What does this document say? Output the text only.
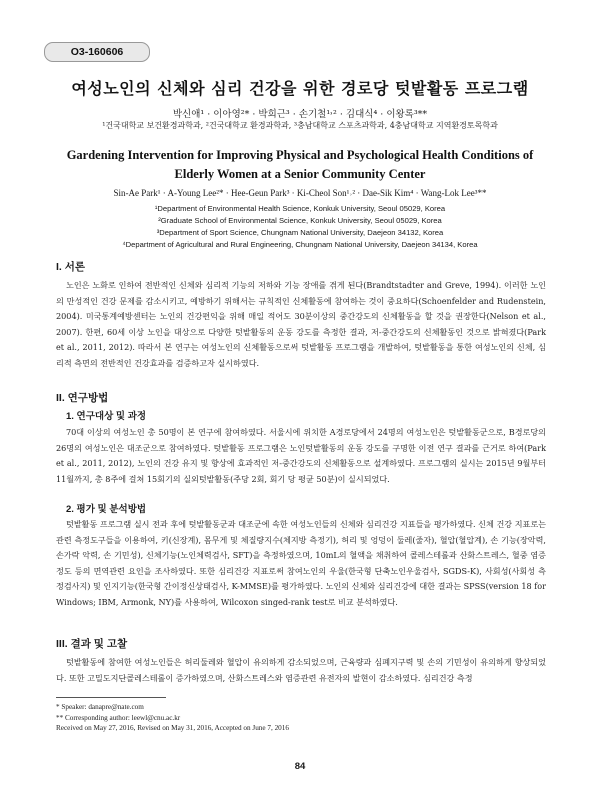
O3-160606
여성노인의 신체와 심리 건강을 위한 경로당 텃밭활동 프로그램
박신애¹ · 이아영²* · 박희근³ · 손기철¹˒² · 김대식⁴ · 이왕록³**
¹건국대학교 보건환경과학과, ²건국대학교 환경과학과, ³충남대학교 스포츠과학과, 4충남대학교 지역환경토목학과
Gardening Intervention for Improving Physical and Psychological Health Conditions of
Elderly Women at a Senior Community Center
Sin-Ae Park¹ · A-Young Lee²* · Hee-Geun Park³ · Ki-Cheol Son¹˒² · Dae-Sik Kim⁴ · Wang-Lok Lee³**
¹Department of Environmental Health Science, Konkuk University, Seoul 05029, Korea
²Graduate School of Environmental Science, Konkuk University, Seoul 05029, Korea
³Department of Sport Science, Chungnam National University, Daejeon 34132, Korea
⁴Department of Agricultural and Rural Engineering, Chungnam National University, Daejeon 34134, Korea
I. 서론
노인은 노화로 인하여 전반적인 신체와 심리적 기능의 저하와 기능 장애를 겪게 된다(Brandtstadter and Greve, 1994). 이러한 노인의 만성적인 건강 문제를 감소시키고, 예방하기 위해서는 규칙적인 신체활동에 참여하는 것이 중요하다(Schoenfelder and Rudenstein, 2004). 미국통계예방센터는 노인의 건강편익을 위해 매일 적어도 30분이상의 중간강도의 신체활동을 할 것을 권장한다(Nelson et al., 2007). 한편, 60세 이상 노인을 대상으로 다양한 텃밭활동의 운동 강도를 측정한 결과, 저-중간강도의 신체활동인 것으로 밝혀졌다(Park et al., 2011, 2012). 따라서 본 연구는 여성노인의 신체활동으로써 텃밭활동 프로그램을 개발하여, 텃밭활동을 통한 여성노인의 신체, 심리적 측면의 전반적인 건강효과를 검증하고자 실시하였다.
II. 연구방법
1. 연구대상 및 과정
70대 이상의 여성노인 총 50명이 본 연구에 참여하였다. 서울시에 위치한 A경로당에서 24명의 여성노인은 텃밭활동군으로, B경로당의 26명의 여성노인은 대조군으로 참여하였다. 텃밭활동 프로그램은 노인텃밭활동의 운동 강도를 구명한 이전 연구 결과를 근거로 하여(Park et al., 2011, 2012), 노인의 건강 유지 및 향상에 효과적인 저-중간강도의 신체활동으로 설계하였다. 프로그램의 실시는 2015년 9월부터 11월까지, 총 8주에 걸쳐 15회기의 실외텃밭활동(주당 2회, 회기 당 평균 50분)이 실시되었다.
2. 평가 및 분석방법
텃밭활동 프로그램 실시 전과 후에 텃밭활동군과 대조군에 속한 여성노인들의 신체와 심리건강 지표들을 평가하였다. 신체 건강 지표로는 관련 측정도구들을 이용하여, 키(신장계), 몸무게 및 체질량지수(체지방 측정기), 허리 및 엉덩이 둘레(줄자), 혈압(혈압계), 손 기능(장악력, 손가락 악력, 손 기민성), 신체기능(노인체력검사, SFT)을 측정하였으며, 10mL의 혈액을 채취하여 콜레스테롤과 산화스트레스, 혈중 염증정도 등의 면역관련 요인을 조사하였다. 또한 심리건강 지표로써 참여노인의 우울(한국형 단축노인우울검사, SGDS-K), 사회성(사회성 측정검사지) 및 인지기능(한국형 간이정신상태검사, K-MMSE)를 평가하였다. 노인의 신체와 심리건강에 대한 결과는 SPSS(version 18 for Windows; IBM, Armonk, NY)를 사용하여, Wilcoxon singed-rank test로 비교 분석하였다.
III. 결과 및 고찰
텃밭활동에 참여한 여성노인들은 허리둘레와 혈압이 유의하게 감소되었으며, 근육량과 심폐지구력 및 손의 기민성이 유의하게 향상되었다. 또한 고밀도지단콜레스테롤이 증가하였으며, 산화스트레스와 염증관련 유전자의 발현이 감소하였다. 심리건강 측정
* Speaker: danapre@nate.com
** Corresponding author: leewl@cnu.ac.kr
Received on May 27, 2016, Revised on May 31, 2016, Accepted on June 7, 2016
84
